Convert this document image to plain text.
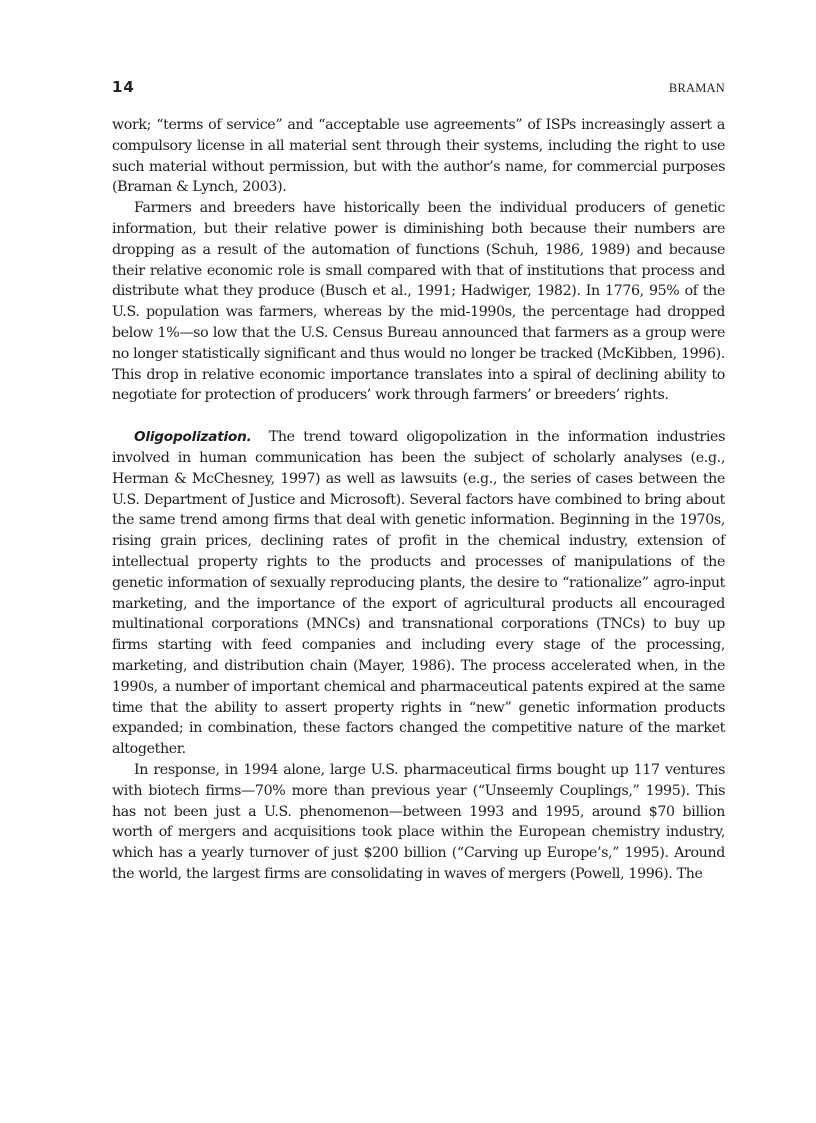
14	BRAMAN

work; “terms of service” and “acceptable use agreements” of ISPs increasingly assert a compulsory license in all material sent through their systems, including the right to use such material without permission, but with the author’s name, for commercial purposes (Braman & Lynch, 2003).

Farmers and breeders have historically been the individual producers of genetic information, but their relative power is diminishing both because their numbers are dropping as a result of the automation of functions (Schuh, 1986, 1989) and because their relative economic role is small compared with that of institutions that process and distribute what they produce (Busch et al., 1991; Hadwiger, 1982). In 1776, 95% of the U.S. population was farmers, whereas by the mid-1990s, the percentage had dropped below 1%—so low that the U.S. Census Bureau announced that farmers as a group were no longer statistically significant and thus would no longer be tracked (McKibben, 1996). This drop in relative economic importance translates into a spiral of declining ability to negotiate for protection of producers’ work through farmers’ or breeders’ rights.

Oligopolization. The trend toward oligopolization in the information industries involved in human communication has been the subject of scholarly analyses (e.g., Herman & McChesney, 1997) as well as lawsuits (e.g., the series of cases between the U.S. Department of Justice and Microsoft). Several factors have combined to bring about the same trend among firms that deal with genetic information. Beginning in the 1970s, rising grain prices, declining rates of profit in the chemical industry, extension of intellectual property rights to the products and processes of manipulations of the genetic information of sexually reproducing plants, the desire to “rationalize” agro-input marketing, and the importance of the export of agricultural products all encouraged multinational corporations (MNCs) and transnational corporations (TNCs) to buy up firms starting with feed companies and including every stage of the processing, marketing, and distribution chain (Mayer, 1986). The process accelerated when, in the 1990s, a number of important chemical and pharmaceutical patents expired at the same time that the ability to assert property rights in “new” genetic information products expanded; in combination, these factors changed the competitive nature of the market altogether.

In response, in 1994 alone, large U.S. pharmaceutical firms bought up 117 ventures with biotech firms—70% more than previous year (“Unseemly Couplings,” 1995). This has not been just a U.S. phenomenon—between 1993 and 1995, around $70 billion worth of mergers and acquisitions took place within the European chemistry industry, which has a yearly turnover of just $200 billion (“Carving up Europe’s,” 1995). Around the world, the largest firms are consolidating in waves of mergers (Powell, 1996). The
